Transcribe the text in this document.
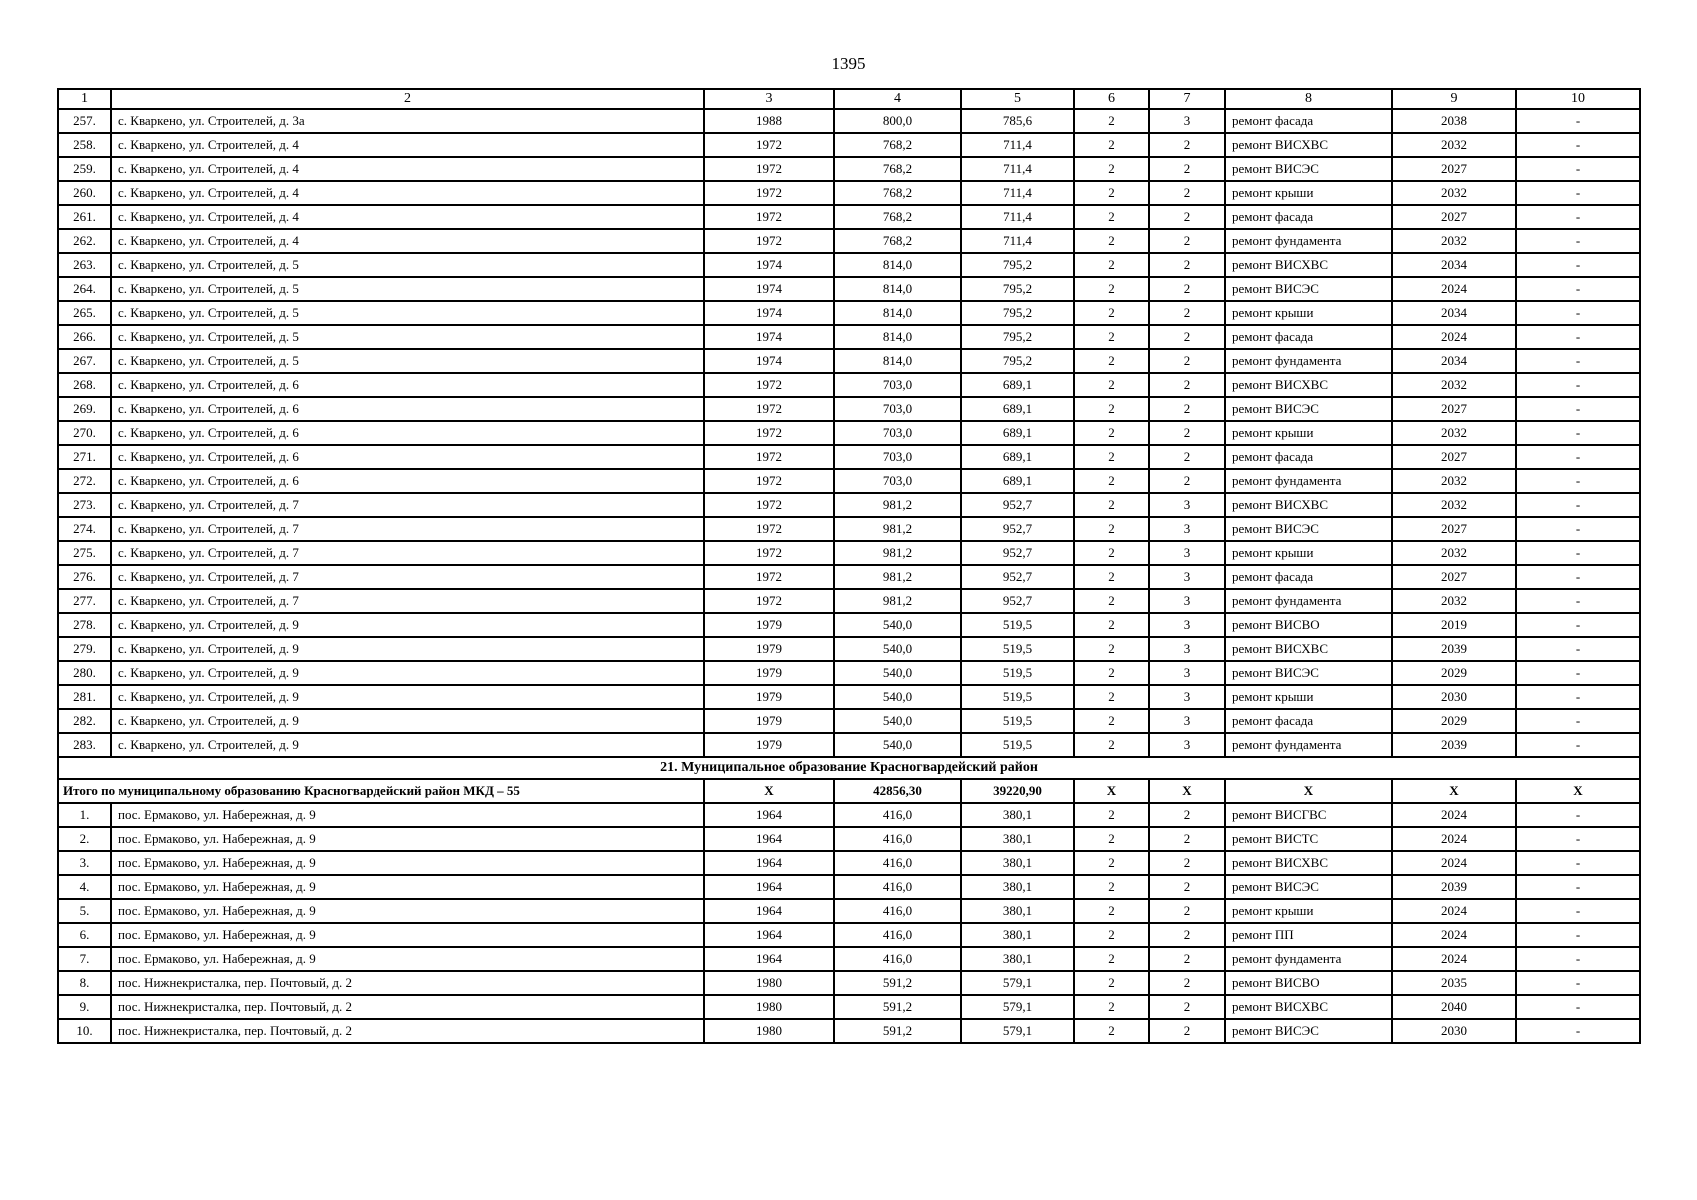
1395
1	2	3	4	5	6	7	8	9	10
257.	с. Кваркено, ул. Строителей, д. 3а	1988	800,0	785,6	2	3	ремонт фасада	2038	-
258.	с. Кваркено, ул. Строителей, д. 4	1972	768,2	711,4	2	2	ремонт ВИСХВС	2032	-
259.	с. Кваркено, ул. Строителей, д. 4	1972	768,2	711,4	2	2	ремонт ВИСЭС	2027	-
260.	с. Кваркено, ул. Строителей, д. 4	1972	768,2	711,4	2	2	ремонт крыши	2032	-
261.	с. Кваркено, ул. Строителей, д. 4	1972	768,2	711,4	2	2	ремонт фасада	2027	-
262.	с. Кваркено, ул. Строителей, д. 4	1972	768,2	711,4	2	2	ремонт фундамента	2032	-
263.	с. Кваркено, ул. Строителей, д. 5	1974	814,0	795,2	2	2	ремонт ВИСХВС	2034	-
264.	с. Кваркено, ул. Строителей, д. 5	1974	814,0	795,2	2	2	ремонт ВИСЭС	2024	-
265.	с. Кваркено, ул. Строителей, д. 5	1974	814,0	795,2	2	2	ремонт крыши	2034	-
266.	с. Кваркено, ул. Строителей, д. 5	1974	814,0	795,2	2	2	ремонт фасада	2024	-
267.	с. Кваркено, ул. Строителей, д. 5	1974	814,0	795,2	2	2	ремонт фундамента	2034	-
268.	с. Кваркено, ул. Строителей, д. 6	1972	703,0	689,1	2	2	ремонт ВИСХВС	2032	-
269.	с. Кваркено, ул. Строителей, д. 6	1972	703,0	689,1	2	2	ремонт ВИСЭС	2027	-
270.	с. Кваркено, ул. Строителей, д. 6	1972	703,0	689,1	2	2	ремонт крыши	2032	-
271.	с. Кваркено, ул. Строителей, д. 6	1972	703,0	689,1	2	2	ремонт фасада	2027	-
272.	с. Кваркено, ул. Строителей, д. 6	1972	703,0	689,1	2	2	ремонт фундамента	2032	-
273.	с. Кваркено, ул. Строителей, д. 7	1972	981,2	952,7	2	3	ремонт ВИСХВС	2032	-
274.	с. Кваркено, ул. Строителей, д. 7	1972	981,2	952,7	2	3	ремонт ВИСЭС	2027	-
275.	с. Кваркено, ул. Строителей, д. 7	1972	981,2	952,7	2	3	ремонт крыши	2032	-
276.	с. Кваркено, ул. Строителей, д. 7	1972	981,2	952,7	2	3	ремонт фасада	2027	-
277.	с. Кваркено, ул. Строителей, д. 7	1972	981,2	952,7	2	3	ремонт фундамента	2032	-
278.	с. Кваркено, ул. Строителей, д. 9	1979	540,0	519,5	2	3	ремонт ВИСВО	2019	-
279.	с. Кваркено, ул. Строителей, д. 9	1979	540,0	519,5	2	3	ремонт ВИСХВС	2039	-
280.	с. Кваркено, ул. Строителей, д. 9	1979	540,0	519,5	2	3	ремонт ВИСЭС	2029	-
281.	с. Кваркено, ул. Строителей, д. 9	1979	540,0	519,5	2	3	ремонт крыши	2030	-
282.	с. Кваркено, ул. Строителей, д. 9	1979	540,0	519,5	2	3	ремонт фасада	2029	-
283.	с. Кваркено, ул. Строителей, д. 9	1979	540,0	519,5	2	3	ремонт фундамента	2039	-
21. Муниципальное образование Красногвардейский район									
Итого по муниципальному образованию Красногвардейский район МКД – 55		Х	42856,30	39220,90	Х	Х	Х	Х	Х
1.	пос. Ермаково, ул. Набережная, д. 9	1964	416,0	380,1	2	2	ремонт ВИСГВС	2024	-
2.	пос. Ермаково, ул. Набережная, д. 9	1964	416,0	380,1	2	2	ремонт ВИСТС	2024	-
3.	пос. Ермаково, ул. Набережная, д. 9	1964	416,0	380,1	2	2	ремонт ВИСХВС	2024	-
4.	пос. Ермаково, ул. Набережная, д. 9	1964	416,0	380,1	2	2	ремонт ВИСЭС	2039	-
5.	пос. Ермаково, ул. Набережная, д. 9	1964	416,0	380,1	2	2	ремонт крыши	2024	-
6.	пос. Ермаково, ул. Набережная, д. 9	1964	416,0	380,1	2	2	ремонт ПП	2024	-
7.	пос. Ермаково, ул. Набережная, д. 9	1964	416,0	380,1	2	2	ремонт фундамента	2024	-
8.	пос. Нижнекристалка, пер. Почтовый, д. 2	1980	591,2	579,1	2	2	ремонт ВИСВО	2035	-
9.	пос. Нижнекристалка, пер. Почтовый, д. 2	1980	591,2	579,1	2	2	ремонт ВИСХВС	2040	-
10.	пос. Нижнекристалка, пер. Почтовый, д. 2	1980	591,2	579,1	2	2	ремонт ВИСЭС	2030	-
